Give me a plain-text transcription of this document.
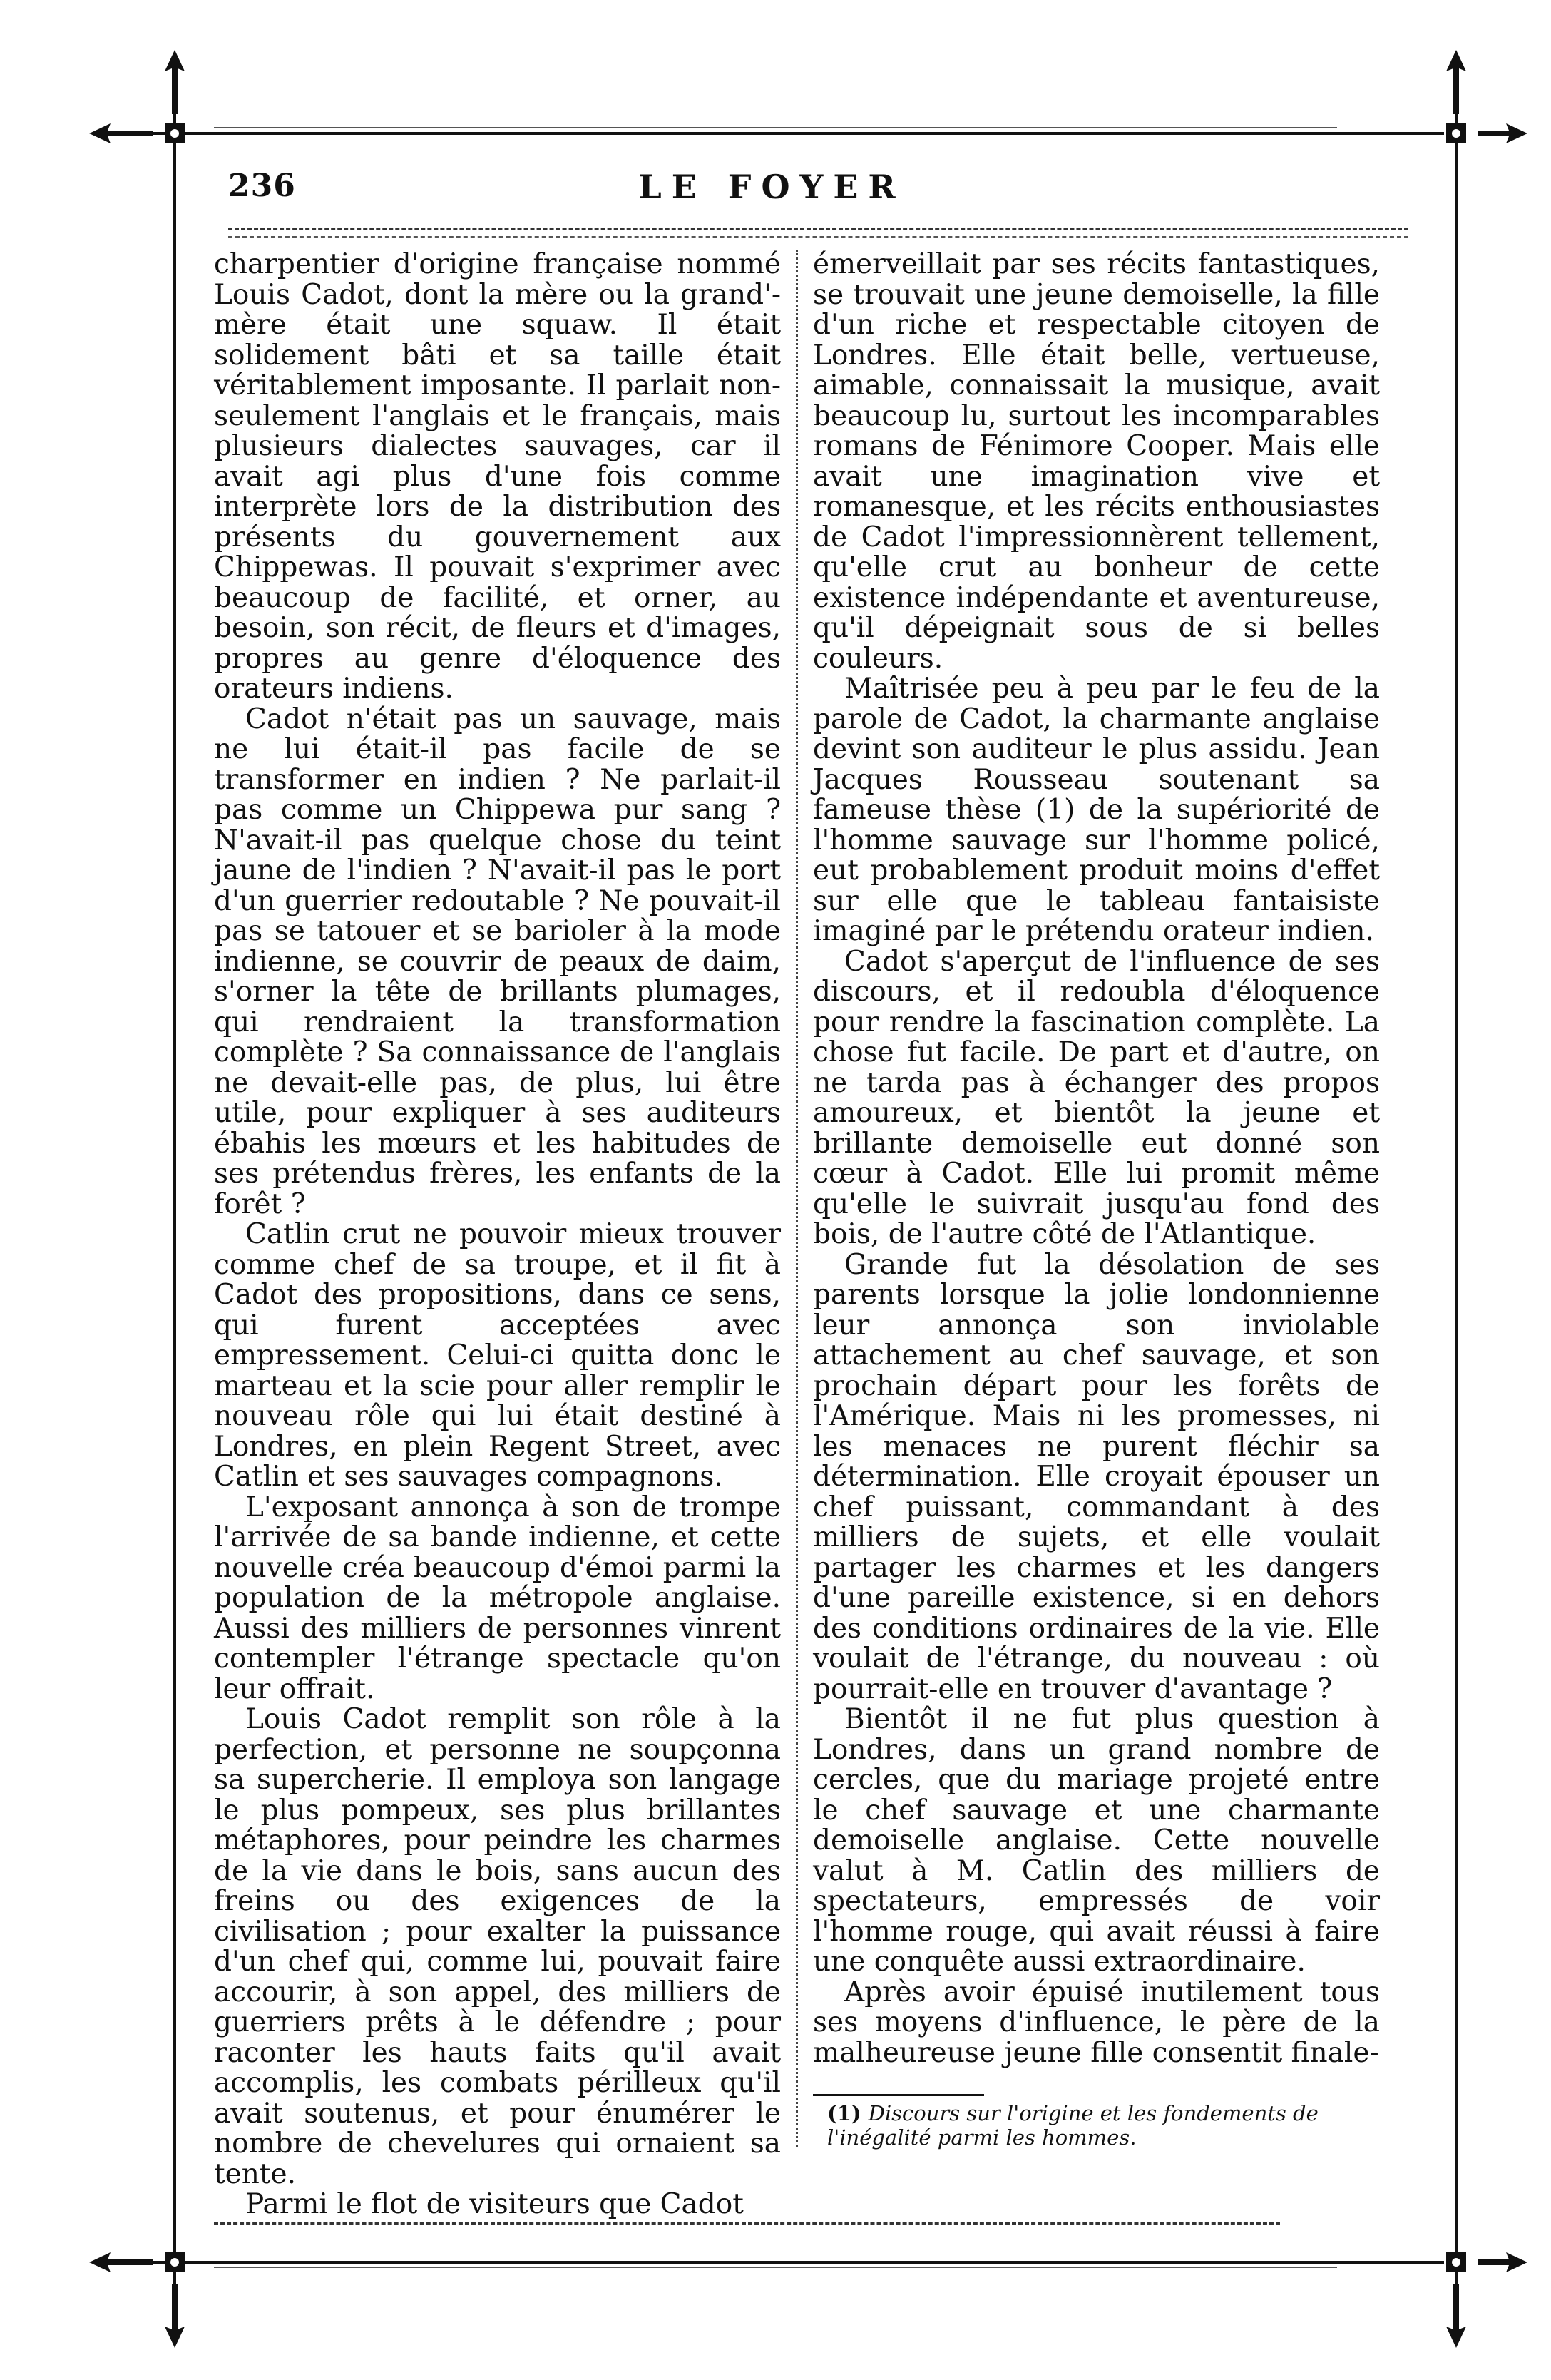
236	LE FOYER

charpentier d'origine française nommé Louis Cadot, dont la mère ou la grand'-mère était une squaw. Il était solidement bâti et sa taille était véritablement imposante. Il parlait non-seulement l'anglais et le français, mais plusieurs dialectes sauvages, car il avait agi plus d'une fois comme interprète lors de la distribution des présents du gouvernement aux Chippewas. Il pouvait s'exprimer avec beaucoup de facilité, et orner, au besoin, son récit, de fleurs et d'images, propres au genre d'éloquence des orateurs indiens.

Cadot n'était pas un sauvage, mais ne lui était-il pas facile de se transformer en indien ? Ne parlait-il pas comme un Chippewa pur sang ? N'avait-il pas quelque chose du teint jaune de l'indien ? N'avait-il pas le port d'un guerrier redoutable ? Ne pouvait-il pas se tatouer et se barioler à la mode indienne, se couvrir de peaux de daim, s'orner la tête de brillants plumages, qui rendraient la transformation complète ? Sa connaissance de l'anglais ne devait-elle pas, de plus, lui être utile, pour expliquer à ses auditeurs ébahis les mœurs et les habitudes de ses prétendus frères, les enfants de la forêt ?

Catlin crut ne pouvoir mieux trouver comme chef de sa troupe, et il fit à Cadot des propositions, dans ce sens, qui furent acceptées avec empressement. Celui-ci quitta donc le marteau et la scie pour aller remplir le nouveau rôle qui lui était destiné à Londres, en plein Regent Street, avec Catlin et ses sauvages compagnons.

L'exposant annonça à son de trompe l'arrivée de sa bande indienne, et cette nouvelle créa beaucoup d'émoi parmi la population de la métropole anglaise. Aussi des milliers de personnes vinrent contempler l'étrange spectacle qu'on leur offrait.

Louis Cadot remplit son rôle à la perfection, et personne ne soupçonna sa supercherie. Il employa son langage le plus pompeux, ses plus brillantes métaphores, pour peindre les charmes de la vie dans le bois, sans aucun des freins ou des exigences de la civilisation ; pour exalter la puissance d'un chef qui, comme lui, pouvait faire accourir, à son appel, des milliers de guerriers prêts à le défendre ; pour raconter les hauts faits qu'il avait accomplis, les combats périlleux qu'il avait soutenus, et pour énumérer le nombre de chevelures qui ornaient sa tente.

Parmi le flot de visiteurs que Cadot

émerveillait par ses récits fantastiques, se trouvait une jeune demoiselle, la fille d'un riche et respectable citoyen de Londres. Elle était belle, vertueuse, aimable, connaissait la musique, avait beaucoup lu, surtout les incomparables romans de Fénimore Cooper. Mais elle avait une imagination vive et romanesque, et les récits enthousiastes de Cadot l'impressionnèrent tellement, qu'elle crut au bonheur de cette existence indépendante et aventureuse, qu'il dépeignait sous de si belles couleurs.

Maîtrisée peu à peu par le feu de la parole de Cadot, la charmante anglaise devint son auditeur le plus assidu. Jean Jacques Rousseau soutenant sa fameuse thèse (1) de la supériorité de l'homme sauvage sur l'homme policé, eut probablement produit moins d'effet sur elle que le tableau fantaisiste imaginé par le prétendu orateur indien.

Cadot s'aperçut de l'influence de ses discours, et il redoubla d'éloquence pour rendre la fascination complète. La chose fut facile. De part et d'autre, on ne tarda pas à échanger des propos amoureux, et bientôt la jeune et brillante demoiselle eut donné son cœur à Cadot. Elle lui promit même qu'elle le suivrait jusqu'au fond des bois, de l'autre côté de l'Atlantique.

Grande fut la désolation de ses parents lorsque la jolie londonnienne leur annonça son inviolable attachement au chef sauvage, et son prochain départ pour les forêts de l'Amérique. Mais ni les promesses, ni les menaces ne purent fléchir sa détermination. Elle croyait épouser un chef puissant, commandant à des milliers de sujets, et elle voulait partager les charmes et les dangers d'une pareille existence, si en dehors des conditions ordinaires de la vie. Elle voulait de l'étrange, du nouveau : où pourrait-elle en trouver d'avantage ?

Bientôt il ne fut plus question à Londres, dans un grand nombre de cercles, que du mariage projeté entre le chef sauvage et une charmante demoiselle anglaise. Cette nouvelle valut à M. Catlin des milliers de spectateurs, empressés de voir l'homme rouge, qui avait réussi à faire une conquête aussi extraordinaire.

Après avoir épuisé inutilement tous ses moyens d'influence, le père de la malheureuse jeune fille consentit finale-

(1) Discours sur l'origine et les fondements de l'inégalité parmi les hommes.
